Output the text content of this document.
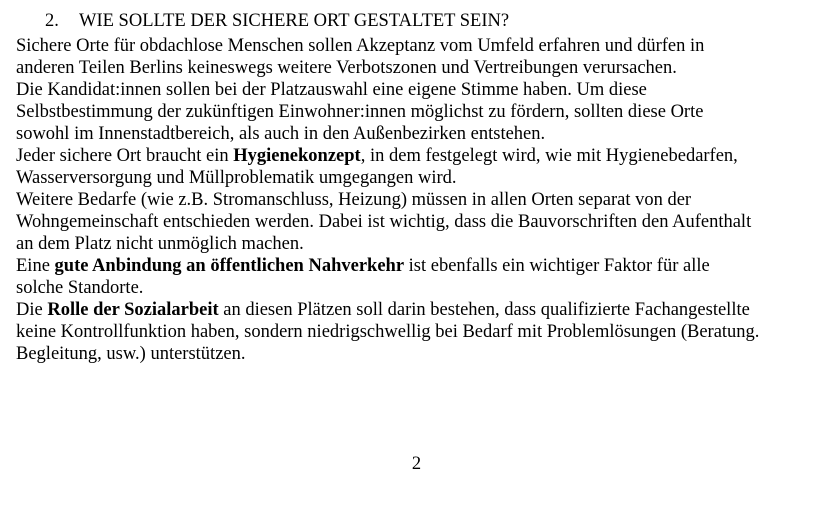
2. WIE SOLLTE DER SICHERE ORT GESTALTET SEIN?
Sichere Orte für obdachlose Menschen sollen Akzeptanz vom Umfeld erfahren und dürfen in
anderen Teilen Berlins keineswegs weitere Verbotszonen und Vertreibungen verursachen.
Die Kandidat:innen sollen bei der Platzauswahl eine eigene Stimme haben. Um diese
Selbstbestimmung der zukünftigen Einwohner:innen möglichst zu fördern, sollten diese Orte
sowohl im Innenstadtbereich, als auch in den Außenbezirken entstehen.
Jeder sichere Ort braucht ein Hygienekonzept, in dem festgelegt wird, wie mit Hygienebedarfen,
Wasserversorgung und Müllproblematik umgegangen wird.
Weitere Bedarfe (wie z.B. Stromanschluss, Heizung) müssen in allen Orten separat von der
Wohngemeinschaft entschieden werden. Dabei ist wichtig, dass die Bauvorschriften den Aufenthalt
an dem Platz nicht unmöglich machen.
Eine gute Anbindung an öffentlichen Nahverkehr ist ebenfalls ein wichtiger Faktor für alle
solche Standorte.
Die Rolle der Sozialarbeit an diesen Plätzen soll darin bestehen, dass qualifizierte Fachangestellte
keine Kontrollfunktion haben, sondern niedrigschwellig bei Bedarf mit Problemlösungen (Beratung.
Begleitung, usw.) unterstützen.
2
